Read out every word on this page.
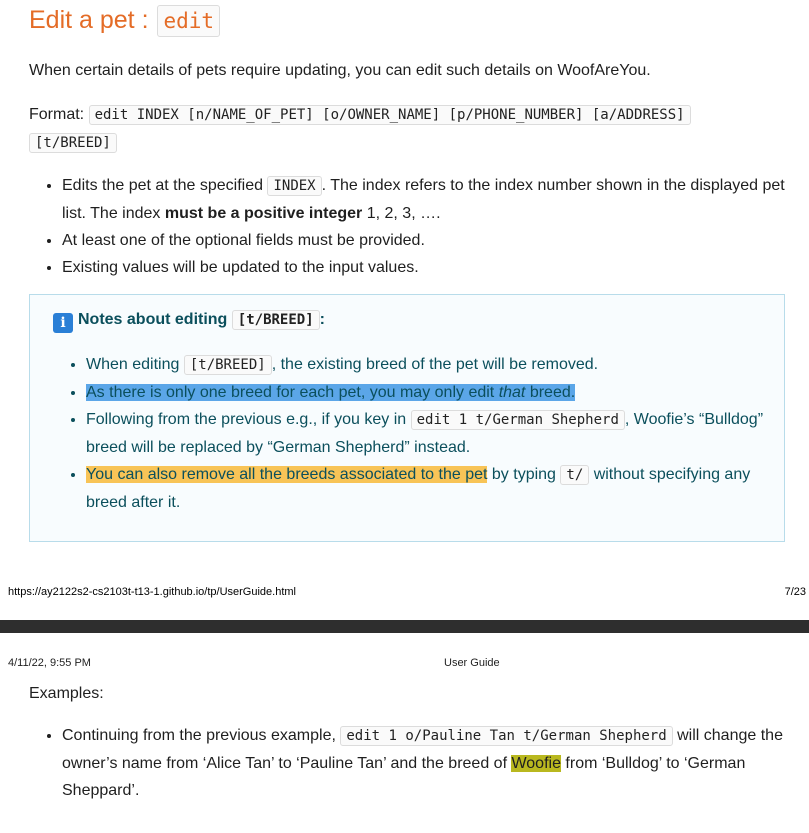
Edit a pet : edit

When certain details of pets require updating, you can edit such details on WoofAreYou.

Format: edit INDEX [n/NAME_OF_PET] [o/OWNER_NAME] [p/PHONE_NUMBER] [a/ADDRESS]
[t/BREED]

• Edits the pet at the specified INDEX . The index refers to the index number shown in the displayed pet list. The index must be a positive integer 1, 2, 3, ….
• At least one of the optional fields must be provided.
• Existing values will be updated to the input values.
i Notes about editing [t/BREED] :
• When editing [t/BREED] , the existing breed of the pet will be removed.
• As there is only one breed for each pet, you may only edit that breed.
• Following from the previous e.g., if you key in edit 1 t/German Shepherd , Woofie’s “Bulldog” breed will be replaced by “German Shepherd” instead.
• You can also remove all the breeds associated to the pet by typing t/ without specifying any breed after it.
https://ay2122s2-cs2103t-t13-1.github.io/tp/UserGuide.html	7/23
4/11/22, 9:55 PM	User Guide

Examples:

• Continuing from the previous example, edit 1 o/Pauline Tan t/German Shepherd will change the owner’s name from ‘Alice Tan’ to ‘Pauline Tan’ and the breed of Woofie from ‘Bulldog’ to ‘German Sheppard’.
